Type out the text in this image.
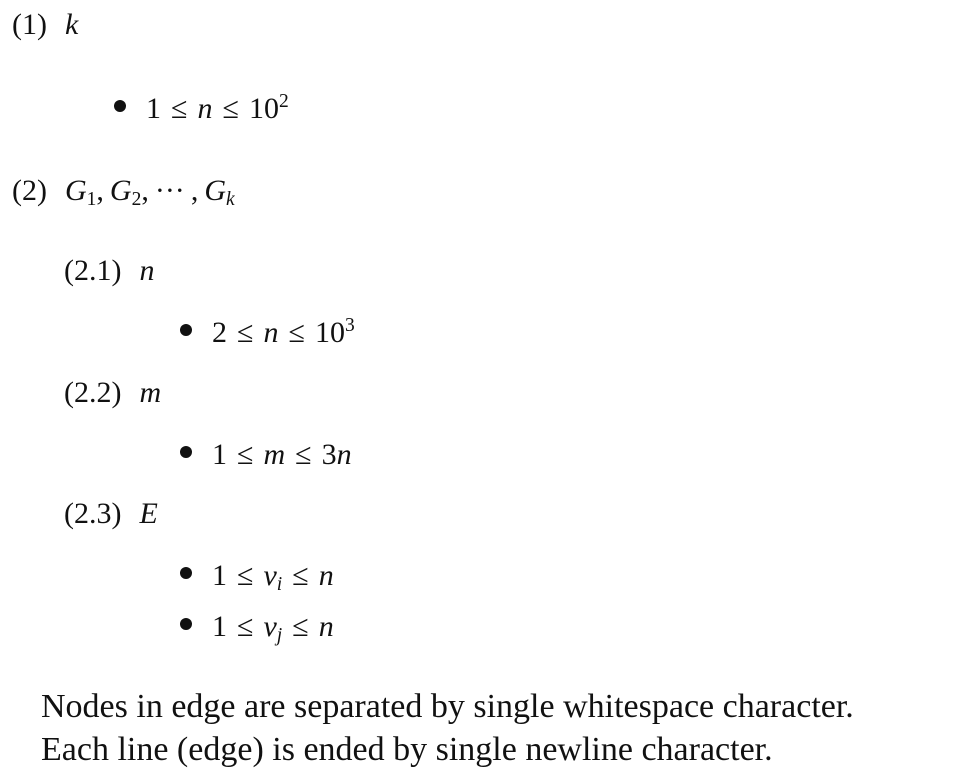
(1) k
$1 \le n \le 10^2$
(2) G1, G2, ··· , Gk
(2.1) n
$2 \le n \le 10^3$
(2.2) m
1 ≤ m ≤ 3n
(2.3) E
1 ≤ vi ≤ n
1 ≤ vj ≤ n
Nodes in edge are separated by single whitespace character.
Each line (edge) is ended by single newline character.
